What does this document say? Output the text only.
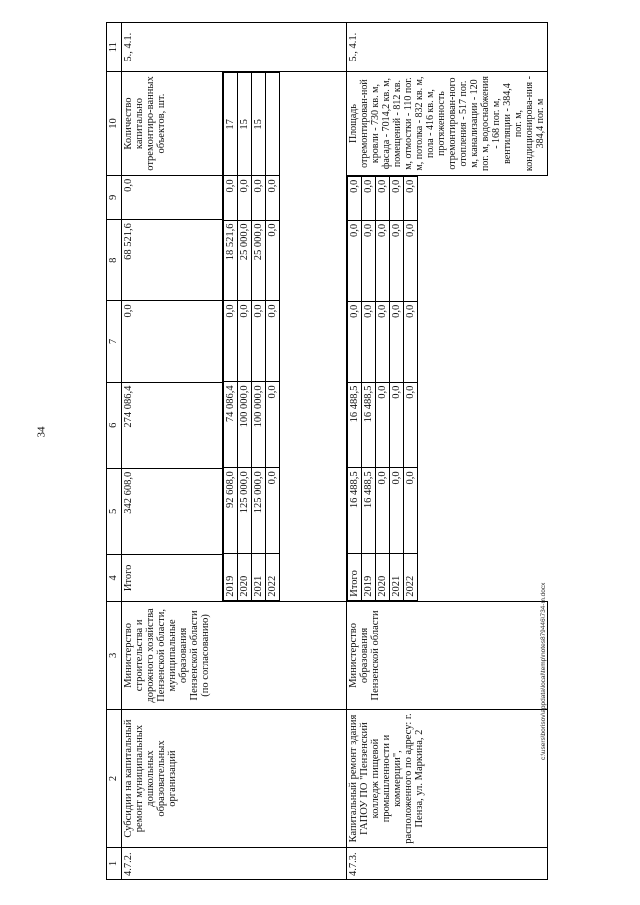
34
1	2	3	4	5	6	7	8	9	10	11
4.7.2.	Субсидии на капитальный ремонт муниципальных дошкольных образовательных организаций	Министерство строительства и дорожного хозяйства Пензенской области, муниципальные образования Пензенской области (по согласованию)	Итого	342 608,0	274 086,4	0,0	68 521,6	0,0	Количество капитально отремонтиро-ванных объектов, шт.	5., 4.1.

2019	92 608,0	74 086,4	0,0	18 521,6	0,0	17
2020	125 000,0	100 000,0	0,0	25 000,0	0,0	15
2021	125 000,0	100 000,0	0,0	25 000,0	0,0	15
2022	0,0	0,0	0,0	0,0	0,0	

4.7.3.	Капитальный ремонт здания ГАПОУ ПО "Пензенский колледж пищевой промышленности и коммерции", расположенного по адресу: г. Пенза, ул. Маркина, 2	Министерство образования Пензенской области	
Итого	16 488,5	16 488,5	0,0	0,0	0,0
2019	16 488,5	16 488,5	0,0	0,0	0,0
2020	0,0	0,0	0,0	0,0	0,0
2021	0,0	0,0	0,0	0,0	0,0
2022	0,0	0,0	0,0	0,0	0,0
	Площадь отремонтирован-ной кровли - 730 кв. м, фасада - 7014,2 кв. м, помещений - 812 кв. м, отмостки - 110 пог. м, потолка - 832 кв. м, пола - 416 кв. м, протяженность отремонтирован-ного отопления - 517 пог. м, канализации - 120 пог. м, водоснабжения - 168 пог. м, вентиляции - 384,4 пог. м, кондиционирова-ния - 384,4 пог. м	5., 4.1.
c:\users\borisov\appdata\local\temp\notes879446\734-m.docx
